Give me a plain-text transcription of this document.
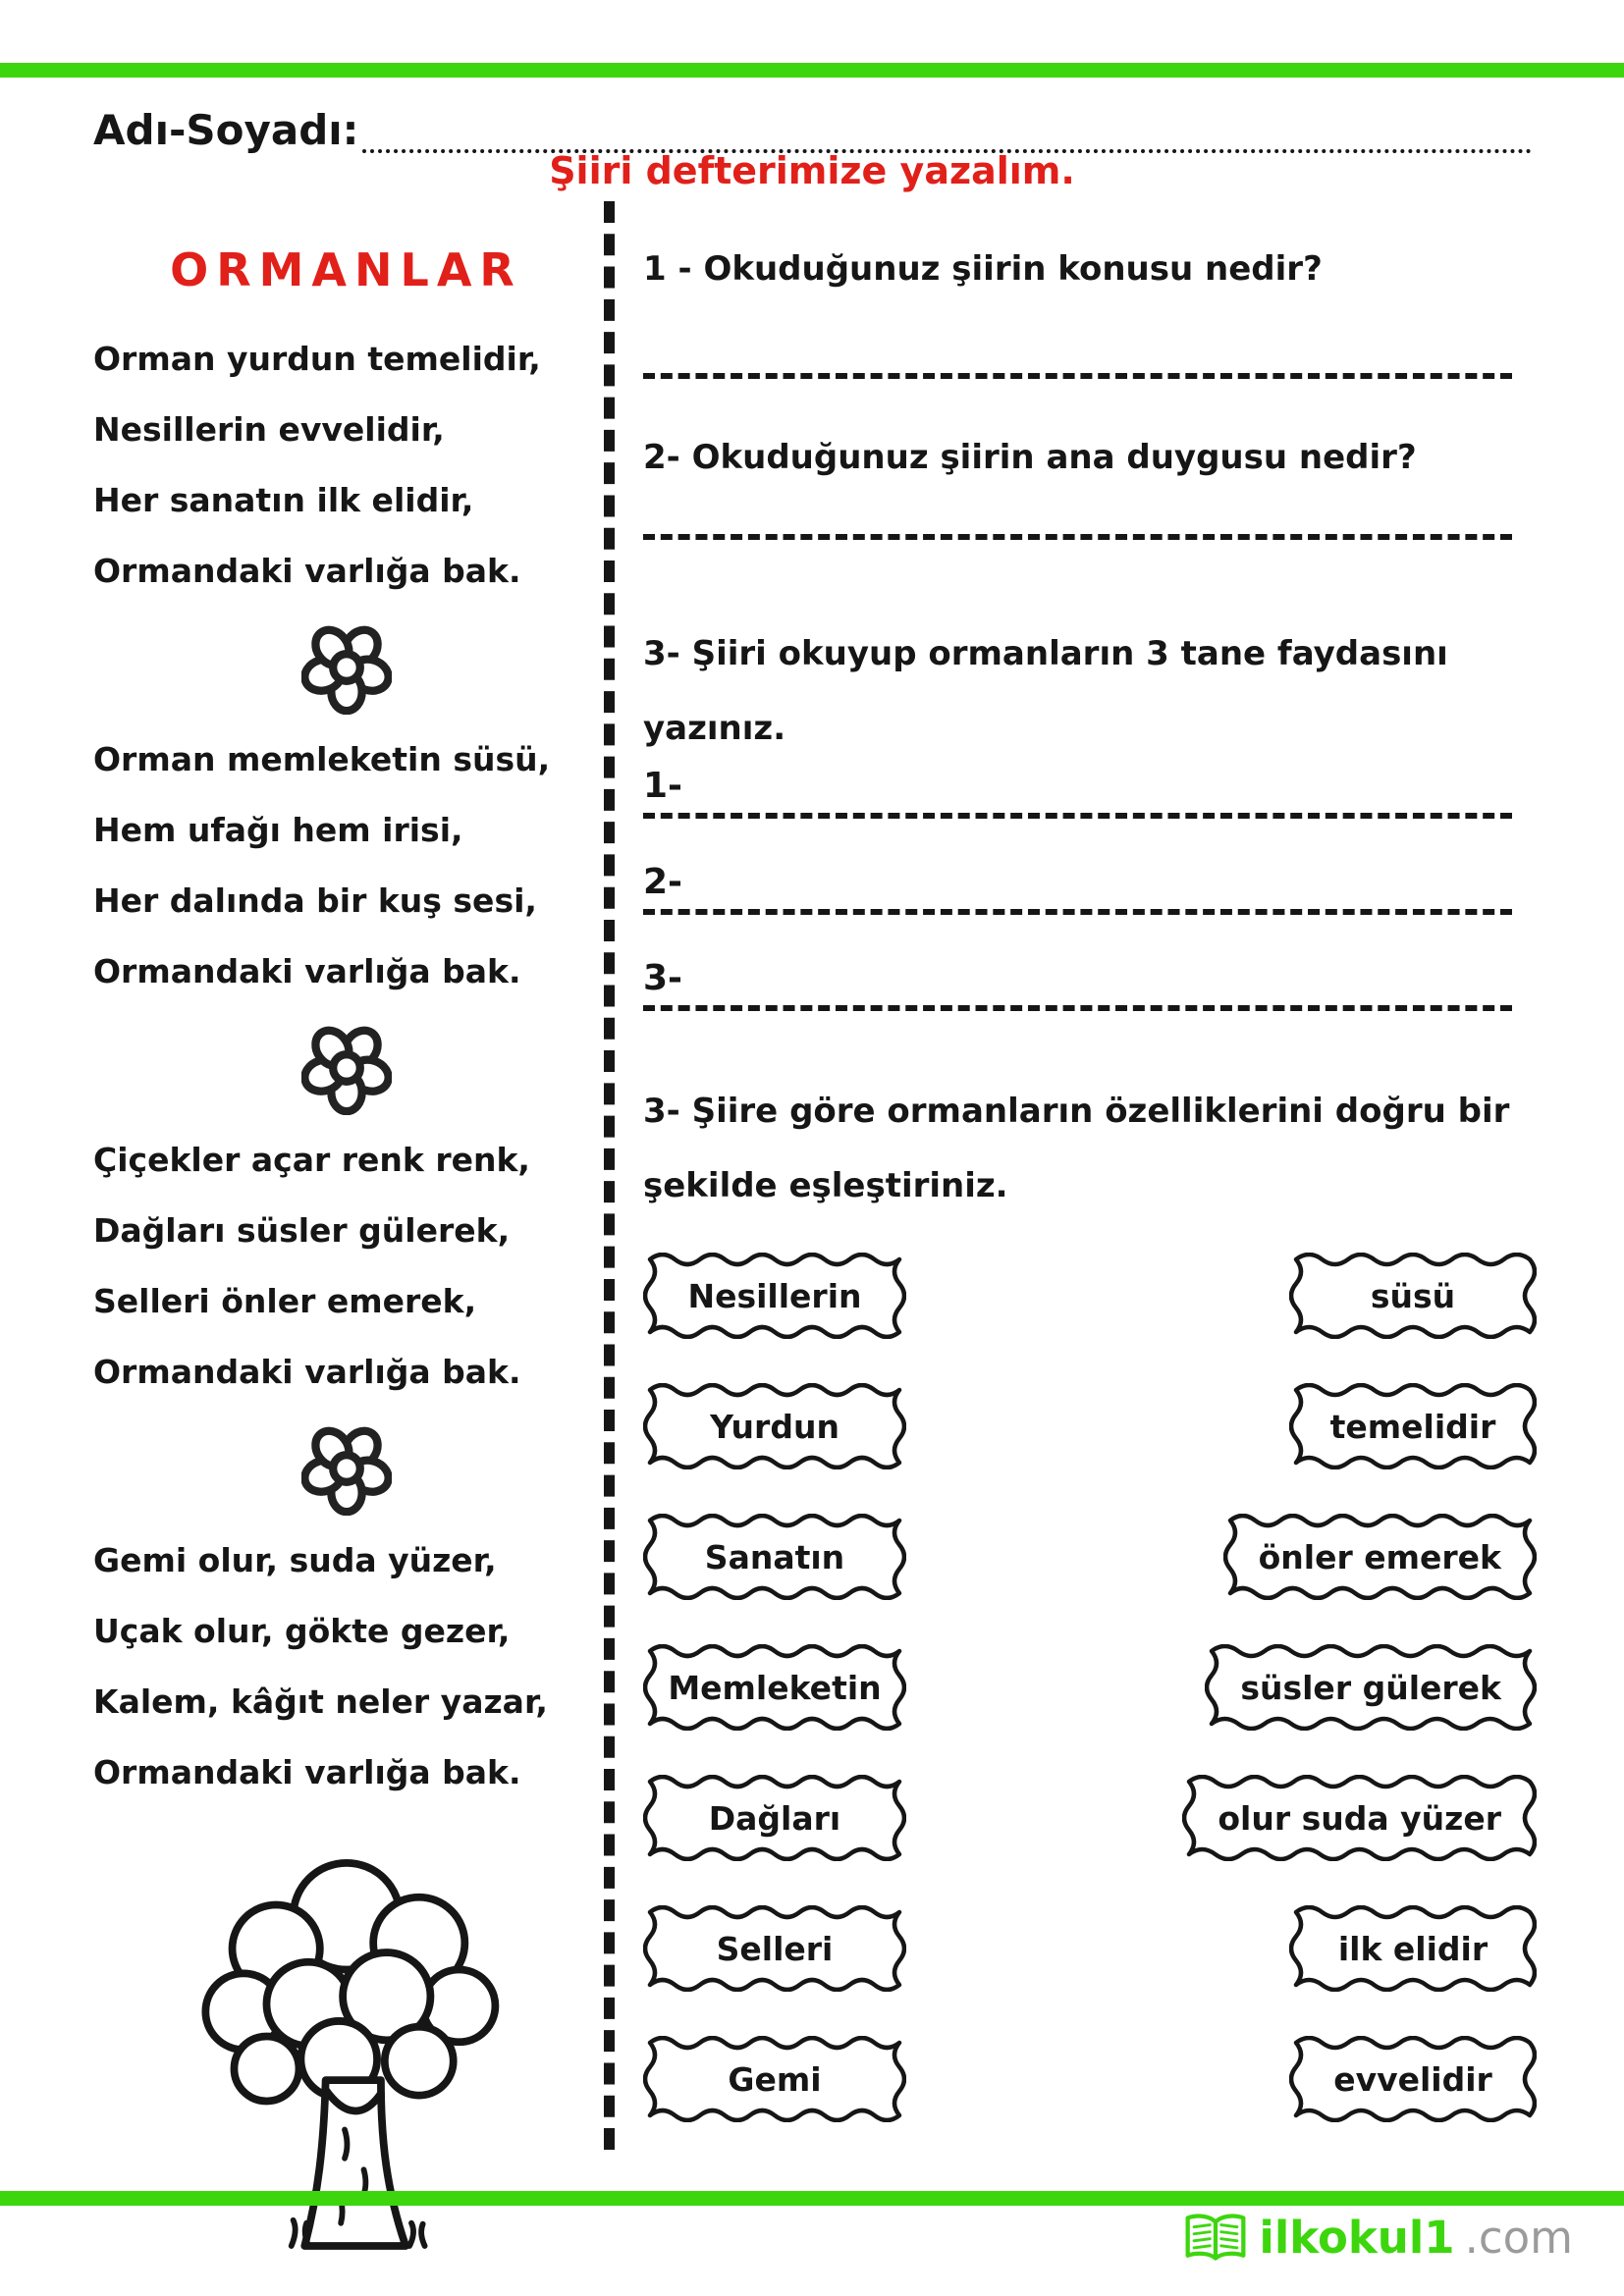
Adı-Soyadı:
Şiiri defterimize yazalım.
ORMANLAR

Orman yurdun temelidir,

Nesillerin evvelidir,

Her sanatın ilk elidir,

Ormandaki varlığa bak.

Orman memleketin süsü,

Hem ufağı hem irisi,

Her dalında bir kuş sesi,

Ormandaki varlığa bak.

Çiçekler açar renk renk,

Dağları süsler gülerek,

Selleri önler emerek,

Ormandaki varlığa bak.

Gemi olur, suda yüzer,

Uçak olur, gökte gezer,

Kalem, kâğıt neler yazar,

Ormandaki varlığa bak.

1 - Okuduğunuz şiirin konusu nedir?
2- Okuduğunuz şiirin ana duygusu nedir?
3- Şiiri okuyup ormanların 3 tane faydasını yazınız.
1-
2-
3-
3- Şiire göre ormanların özelliklerini doğru bir şekilde eşleştiriniz.
Nesillerin	süsü
Yurdun	temelidir
Sanatın	önler emerek
Memleketin	süsler gülerek
Dağları	olur suda yüzer
Selleri	ilk elidir
Gemi	evvelidir
ilkokul1 .com
